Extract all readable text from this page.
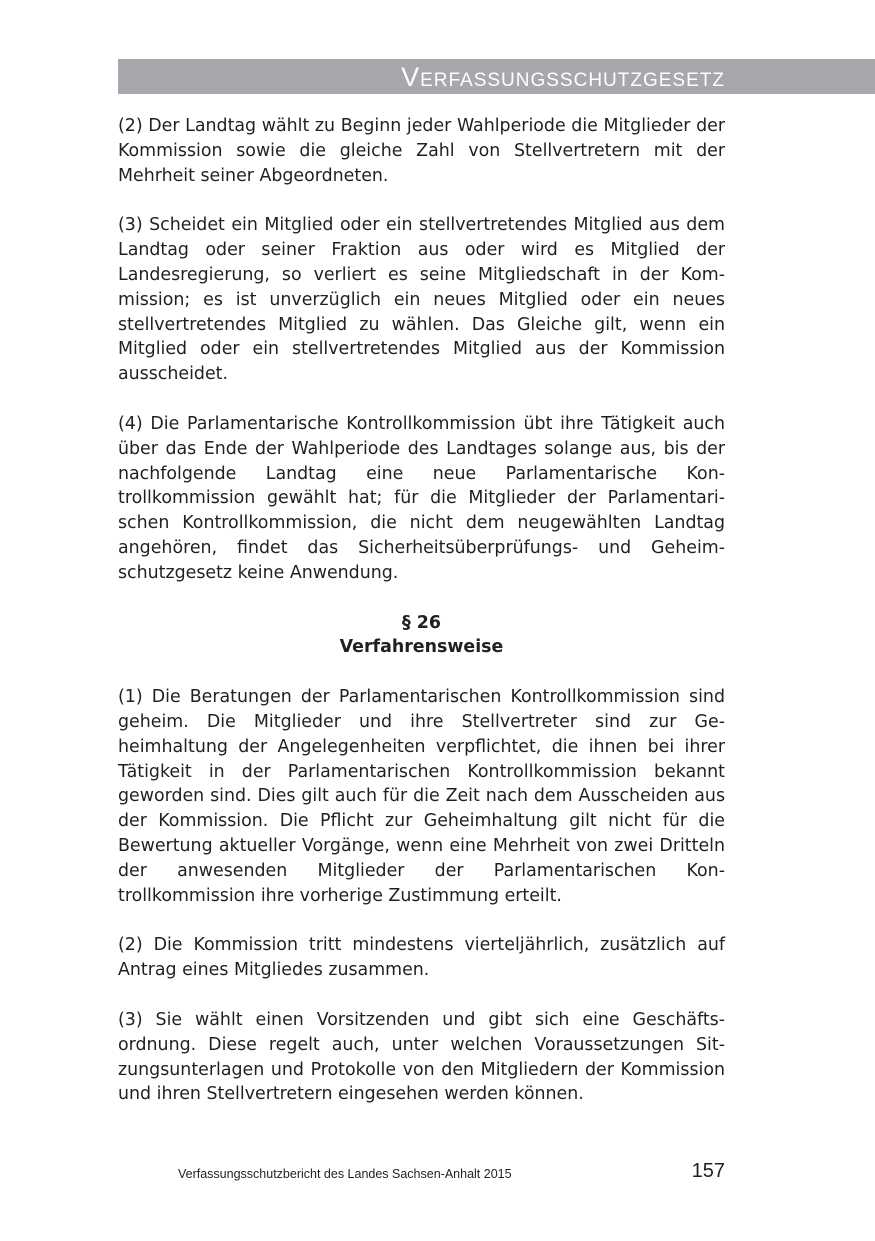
Verfassungsschutzgesetz

(2) Der Landtag wählt zu Beginn jeder Wahlperiode die Mitglieder der Kommission sowie die gleiche Zahl von Stellvertretern mit der Mehrheit seiner Abgeordneten.

(3) Scheidet ein Mitglied oder ein stellvertretendes Mitglied aus dem Landtag oder seiner Fraktion aus oder wird es Mitglied der Landesregierung, so verliert es seine Mitgliedschaft in der Kommission; es ist unverzüglich ein neues Mitglied oder ein neues stellvertretendes Mitglied zu wählen. Das Gleiche gilt, wenn ein Mitglied oder ein stellvertretendes Mitglied aus der Kommission ausscheidet.

(4) Die Parlamentarische Kontrollkommission übt ihre Tätigkeit auch über das Ende der Wahlperiode des Landtages solange aus, bis der nachfolgende Landtag eine neue Parlamentarische Kontrollkommission gewählt hat; für die Mitglieder der Parlamentarischen Kontrollkommission, die nicht dem neugewählten Landtag angehören, findet das Sicherheitsüberprüfungs- und Geheimschutzgesetz keine Anwendung.

§ 26

Verfahrensweise

(1) Die Beratungen der Parlamentarischen Kontrollkommission sind geheim. Die Mitglieder und ihre Stellvertreter sind zur Geheimhaltung der Angelegenheiten verpflichtet, die ihnen bei ihrer Tätigkeit in der Parlamentarischen Kontrollkommission bekannt geworden sind. Dies gilt auch für die Zeit nach dem Ausscheiden aus der Kommission. Die Pflicht zur Geheimhaltung gilt nicht für die Bewertung aktueller Vorgänge, wenn eine Mehrheit von zwei Dritteln der anwesenden Mitglieder der Parlamentarischen Kontrollkommission ihre vorherige Zustimmung erteilt.

(2) Die Kommission tritt mindestens vierteljährlich, zusätzlich auf Antrag eines Mitgliedes zusammen.

(3) Sie wählt einen Vorsitzenden und gibt sich eine Geschäftsordnung. Diese regelt auch, unter welchen Voraussetzungen Sitzungsunterlagen und Protokolle von den Mitgliedern der Kommission und ihren Stellvertretern eingesehen werden können.

Verfassungsschutzbericht des Landes Sachsen-Anhalt 2015	157
